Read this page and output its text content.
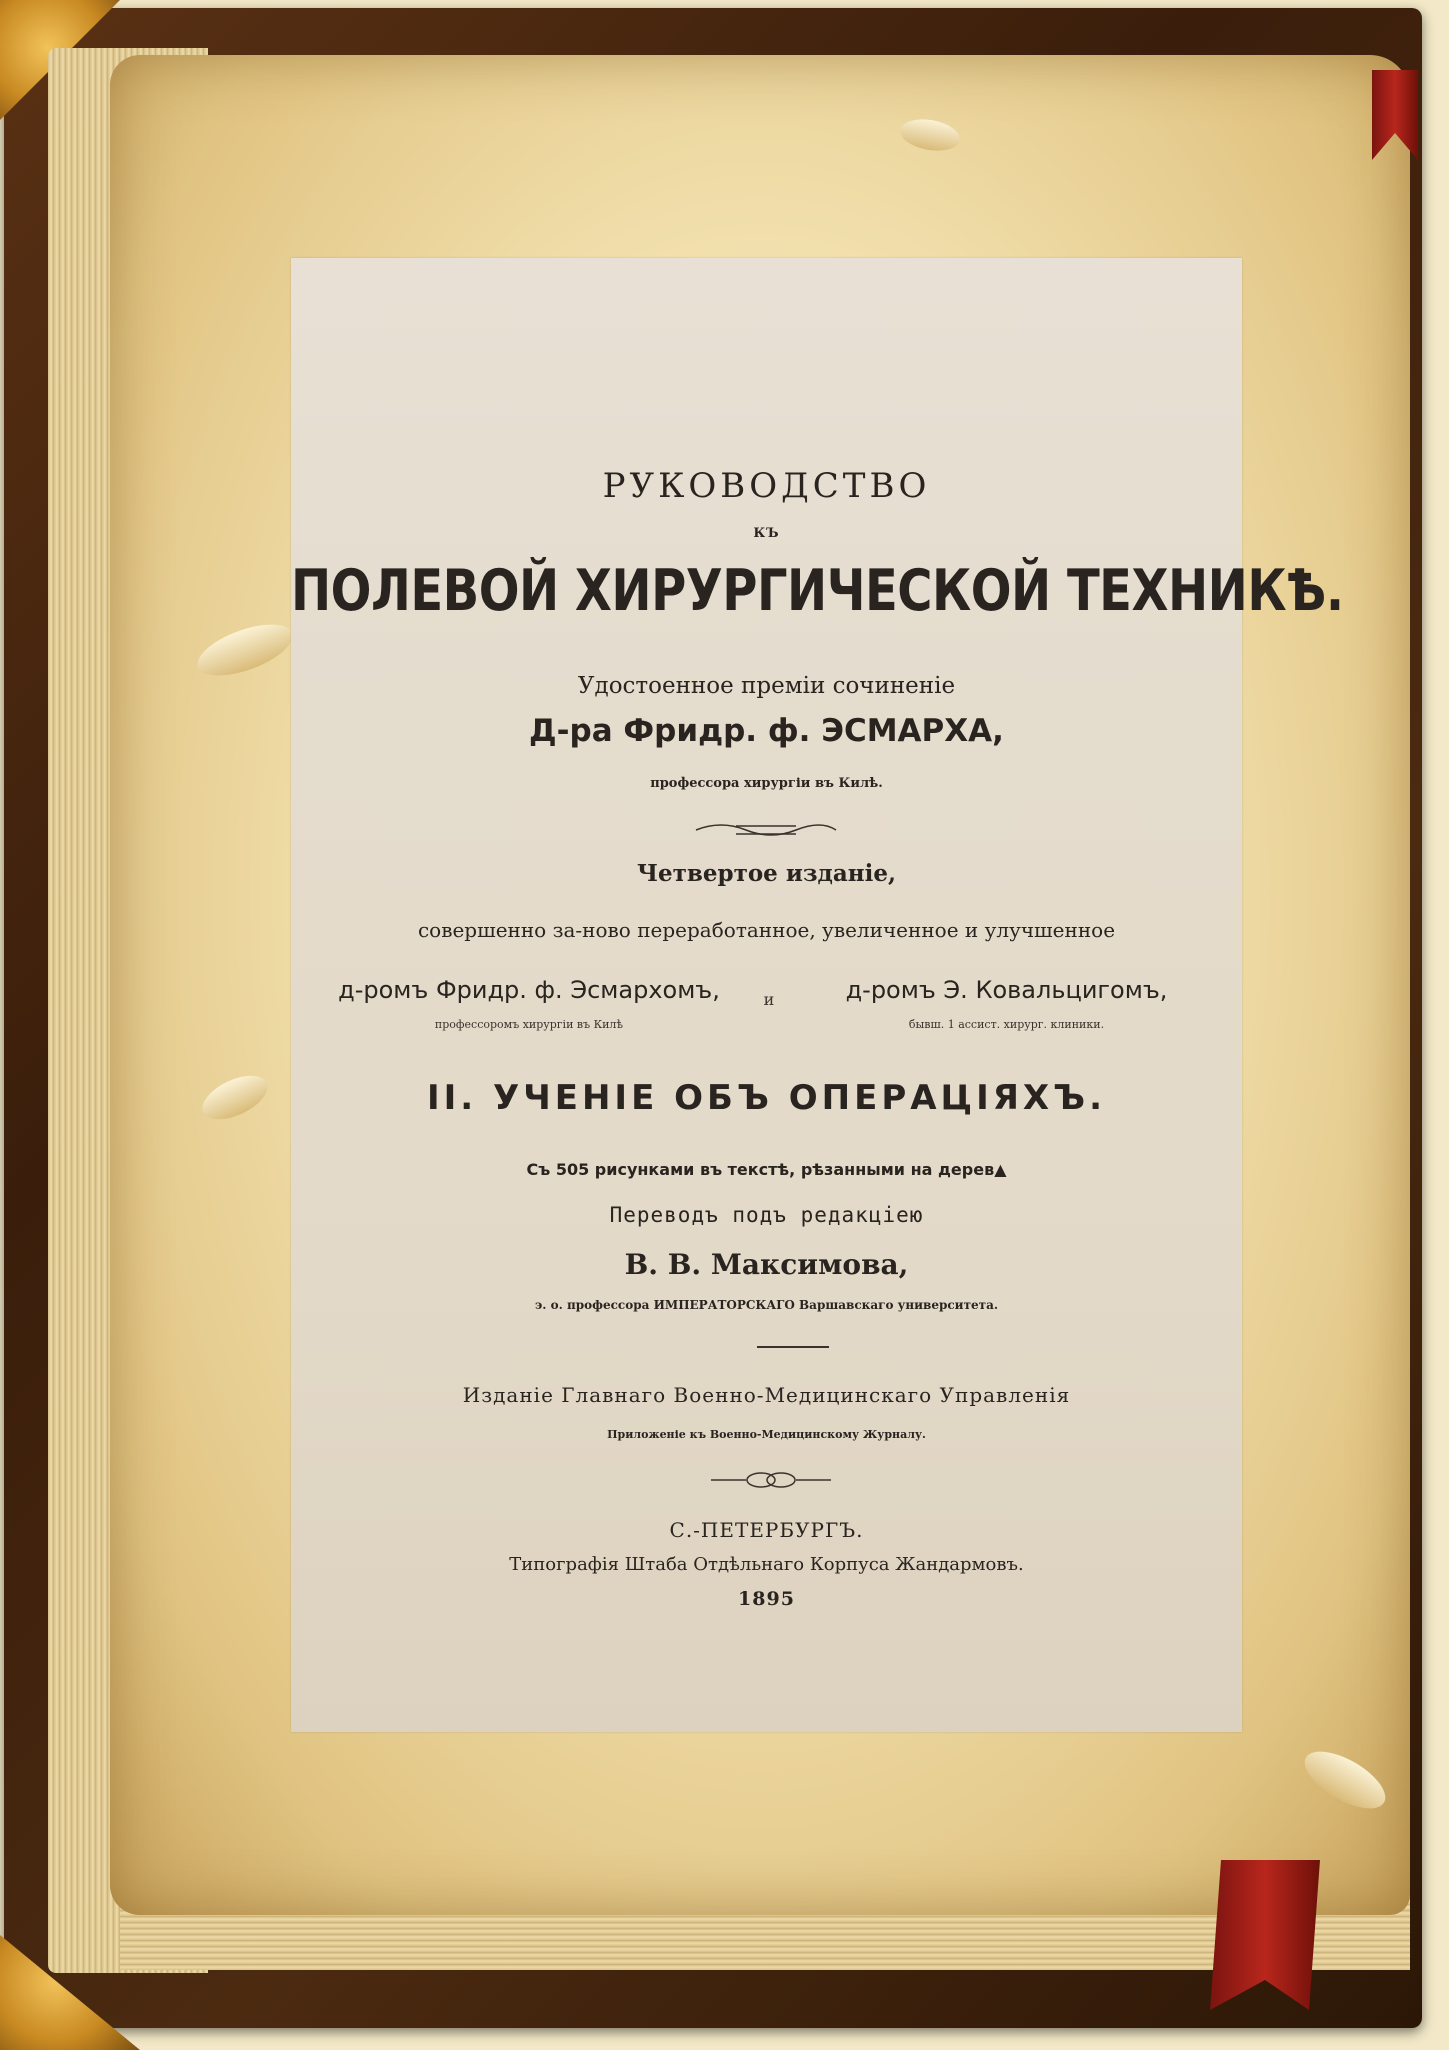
РУКОВОДСТВО
КЪ
ПОЛЕВОЙ ХИРУРГИЧЕСКОЙ ТЕХНИКѢ.
Удостоенное преміи сочиненіе
Д-ра Фридр. ф. ЭСМАРХА,
профессора хирургіи въ Килѣ.
Четвертое изданіе,
совершенно за-ново переработанное, увеличенное и улучшенное
д-ромъ Фридр. ф. Эсмархомъ,	и	д-ромъ Э. Ковальцигомъ,
профессоромъ хирургіи въ Килѣ	бывш. 1 ассист. хирург. клиники.
II. УЧЕНІЕ ОБЪ ОПЕРАЦІЯХЪ.
Съ 505 рисунками въ текстѣ, рѣзанными на дерев▲
Переводъ подъ редакціею
В. В. Максимова,
э. о. профессора ИМПЕРАТОРСКАГО Варшавскаго университета.
Изданіе Главнаго Военно-Медицинскаго Управленія
Приложеніе къ Военно-Медицинскому Журналу.
С.-ПЕТЕРБУРГЪ.
Типографія Штаба Отдѣльнаго Корпуса Жандармовъ.
1895
